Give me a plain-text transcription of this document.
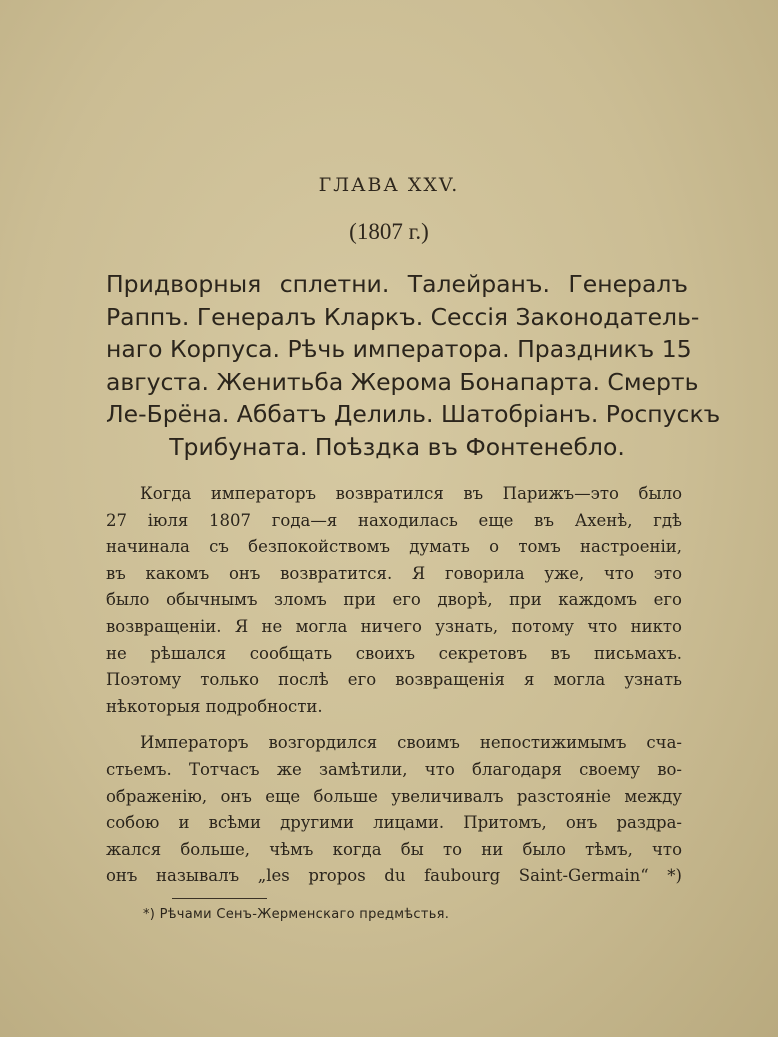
ГЛАВА XXV.
(1807 г.)
Придворныя сплетни. Талейранъ. Генералъ
Раппъ. Генералъ Кларкъ. Сессія Законодатель-
наго Корпуса. Рѣчь императора. Праздникъ 15
августа. Женитьба Жерома Бонапарта. Смерть
Ле-Брёна. Аббатъ Делиль. Шатобріанъ. Роспускъ
Трибуната. Поѣздка въ Фонтенебло.
Когда императоръ возвратился въ Парижъ—это было
27 іюля 1807 года—я находилась еще въ Ахенѣ, гдѣ
начинала съ безпокойствомъ думать о томъ настроеніи,
въ какомъ онъ возвратится. Я говорила уже, что это
было обычнымъ зломъ при его дворѣ, при каждомъ его
возвращеніи. Я не могла ничего узнать, потому что никто
не рѣшался сообщать своихъ секретовъ въ письмахъ.
Поэтому только послѣ его возвращенія я могла узнать
нѣкоторыя подробности.
Императоръ возгордился своимъ непостижимымъ сча-
стьемъ. Тотчасъ же замѣтили, что благодаря своему во-
ображенію, онъ еще больше увеличивалъ разстояніе между
собою и всѣми другими лицами. Притомъ, онъ раздра-
жался больше, чѣмъ когда бы то ни было тѣмъ, что
онъ называлъ „les propos du faubourg Saint-Germain“ *)
*) Рѣчами Сенъ-Жерменскаго предмѣстья.
